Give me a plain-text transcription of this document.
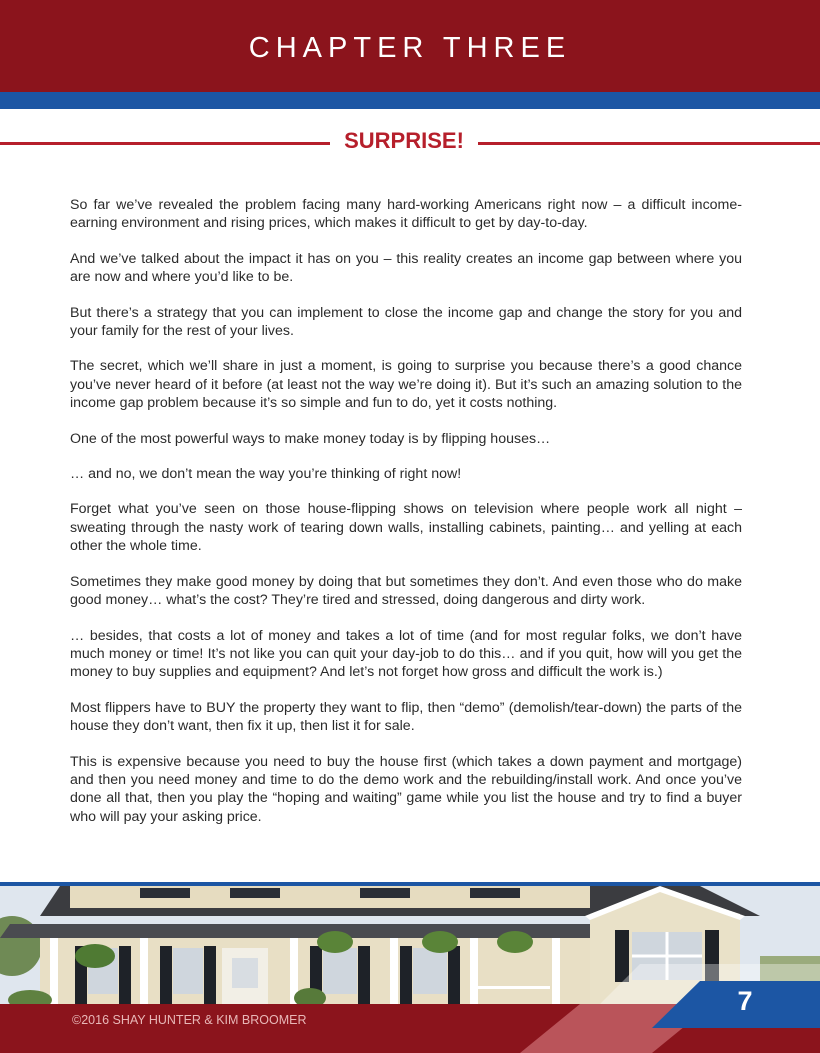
CHAPTER THREE
SURPRISE!

So far we’ve revealed the problem facing many hard-working Americans right now – a difficult income-earning environment and rising prices, which makes it difficult to get by day-to-day.

And we’ve talked about the impact it has on you – this reality creates an income gap between where you are now and where you’d like to be.

But there’s a strategy that you can implement to close the income gap and change the story for you and your family for the rest of your lives.

The secret, which we’ll share in just a moment, is going to surprise you because there’s a good chance you’ve never heard of it before (at least not the way we’re doing it). But it’s such an amazing solution to the income gap problem because it’s so simple and fun to do, yet it costs nothing.

One of the most powerful ways to make money today is by flipping houses…

… and no, we don’t mean the way you’re thinking of right now!

Forget what you’ve seen on those house-flipping shows on television where people work all night – sweating through the nasty work of tearing down walls, installing cabinets, painting… and yelling at each other the whole time.

Sometimes they make good money by doing that but sometimes they don’t. And even those who do make good money… what’s the cost? They’re tired and stressed, doing dangerous and dirty work.

… besides, that costs a lot of money and takes a lot of time (and for most regular folks, we don’t have much money or time! It’s not like you can quit your day-job to do this… and if you quit, how will you get the money to buy supplies and equipment? And let’s not forget how gross and difficult the work is.)

Most flippers have to BUY the property they want to flip, then “demo” (demolish/tear-down) the parts of the house they don’t want, then fix it up, then list it for sale.

This is expensive because you need to buy the house first (which takes a down payment and mortgage) and then you need money and time to do the demo work and the rebuilding/install work. And once you’ve done all that, then you play the “hoping and waiting” game while you list the house and try to find a buyer who will pay your asking price.

©2016 SHAY HUNTER & KIM BROOMER
7
